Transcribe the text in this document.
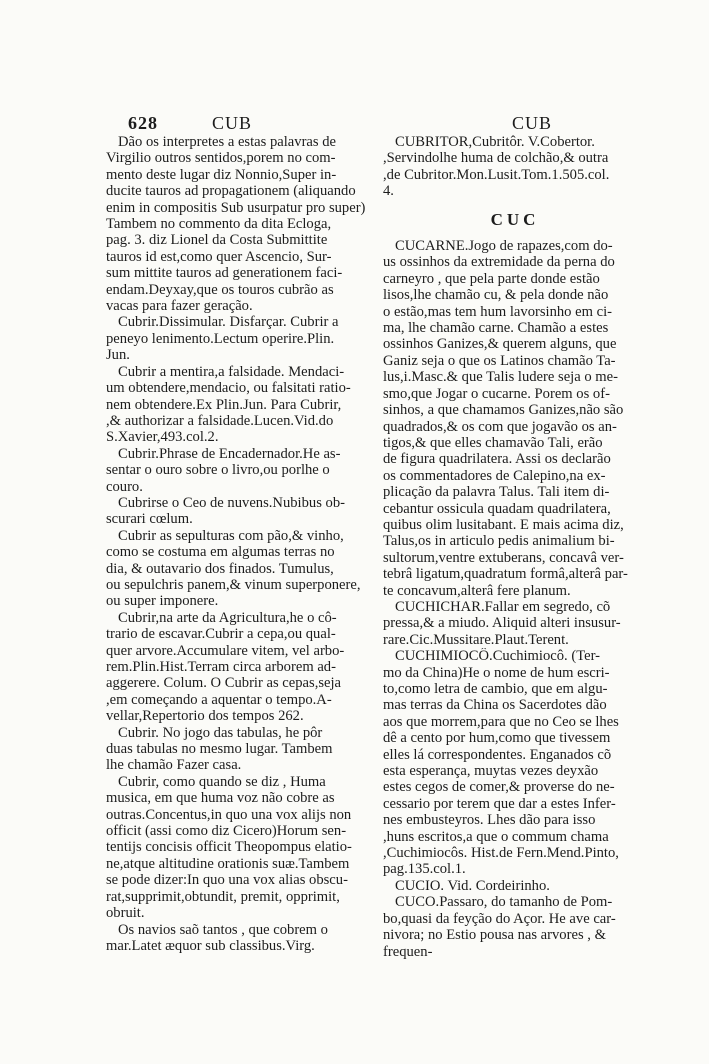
628	CUB	CUB

Dão os interpretes a estas palavras de
Virgilio outros sentidos,porem no com-
mento deste lugar diz Nonnio,Super in-
ducite tauros ad propagationem (aliquando
enim in compositis Sub usurpatur pro super)
Tambem no commento da dita Ecloga,
pag. 3. diz Lionel da Costa Submittite
tauros id est,como quer Ascencio, Sur-
sum mittite tauros ad generationem faci-
endam.Deyxay,que os touros cubrão as
vacas para fazer geração.

Cubrir.Dissimular. Disfarçar. Cubrir a
peneyo lenimento.Lectum operire.Plin.
Jun.

Cubrir a mentira,a falsidade. Mendaci-
um obtendere,mendacio, ou falsitati ratio-
nem obtendere.Ex Plin.Jun. Para Cubrir,
,& authorizar a falsidade.Lucen.Vid.do
S.Xavier,493.col.2.

Cubrir.Phrase de Encadernador.He as-
sentar o ouro sobre o livro,ou porlhe o
couro.

Cubrirse o Ceo de nuvens.Nubibus ob-
scurari cœlum.

Cubrir as sepulturas com pão,& vinho,
como se costuma em algumas terras no
dia, & outavario dos finados. Tumulus,
ou sepulchris panem,& vinum superponere,
ou super imponere.

Cubrir,na arte da Agricultura,he o cô-
trario de escavar.Cubrir a cepa,ou qual-
quer arvore.Accumulare vitem, vel arbo-
rem.Plin.Hist.Terram circa arborem ad-
aggerere. Colum. O Cubrir as cepas,seja
,em começando a aquentar o tempo.A-
vellar,Repertorio dos tempos 262.

Cubrir. No jogo das tabulas, he pôr
duas tabulas no mesmo lugar. Tambem
lhe chamão Fazer casa.

Cubrir, como quando se diz , Huma
musica, em que huma voz não cobre as
outras.Concentus,in quo una vox alijs non
officit (assi como diz Cicero)Horum sen-
tentijs concisis officit Theopompus elatio-
ne,atque altitudine orationis suæ.Tambem
se pode dizer:In quo una vox alias obscu-
rat,supprimit,obtundit, premit, opprimit,
obruit.

Os navios saõ tantos , que cobrem o
mar.Latet æquor sub classibus.Virg.

CUBRITOR,Cubritôr. V.Cobertor.
,Servindolhe huma de colchão,& outra
,de Cubritor.Mon.Lusit.Tom.1.505.col.
4.

CUC

CUCARNE.Jogo de rapazes,com do-
us ossinhos da extremidade da perna do
carneyro , que pela parte donde estão
lisos,lhe chamão cu, & pela donde não
o estão,mas tem hum lavorsinho em ci-
ma, lhe chamão carne. Chamão a estes
ossinhos Ganizes,& querem alguns, que
Ganiz seja o que os Latinos chamão Ta-
lus,i.Masc.& que Talis ludere seja o me-
smo,que Jogar o cucarne. Porem os of-
sinhos, a que chamamos Ganizes,não são
quadrados,& os com que jogavão os an-
tigos,& que elles chamavão Tali, erão
de figura quadrilatera. Assi os declarão
os commentadores de Calepino,na ex-
plicação da palavra Talus. Tali item di-
cebantur ossicula quadam quadrilatera,
quibus olim lusitabant. E mais acima diz,
Talus,os in articulo pedis animalium bi-
sultorum,ventre extuberans, concavâ ver-
tebrâ ligatum,quadratum formâ,alterâ par-
te concavum,alterâ fere planum.

CUCHICHAR.Fallar em segredo, cõ
pressa,& a miudo. Aliquid alteri insusur-
rare.Cic.Mussitare.Plaut.Terent.

CUCHIMIOCÔ.Cuchimiocô. (Ter-
mo da China)He o nome de hum escri-
to,como letra de cambio, que em algu-
mas terras da China os Sacerdotes dão
aos que morrem,para que no Ceo se lhes
dê a cento por hum,como que tivessem
elles lá correspondentes. Enganados cõ
esta esperança, muytas vezes deyxão
estes cegos de comer,& proverse do ne-
cessario por terem que dar a estes Infer-
nes embusteyros. Lhes dão para isso
,huns escritos,a que o commum chama
,Cuchimiocôs. Hist.de Fern.Mend.Pinto,
pag.135.col.1.

CUCIO. Vid. Cordeirinho.

CUCO.Passaro, do tamanho de Pom-
bo,quasi da feyção do Açor. He ave car-
nivora; no Estio pousa nas arvores , &
frequen-
